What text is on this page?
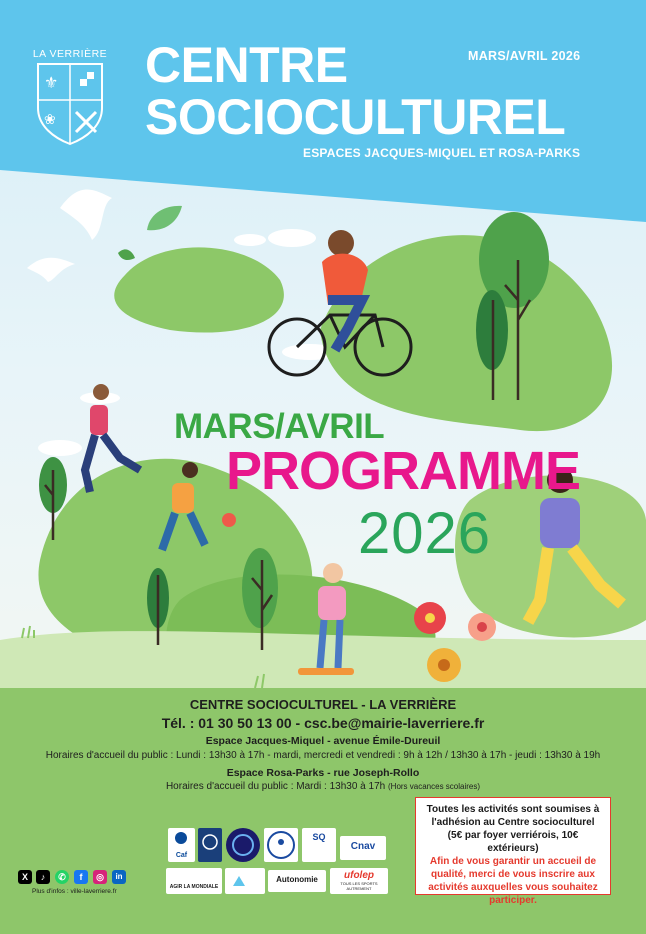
LA VERRIÈRE
⚜
❀
MARS/AVRIL 2026
CENTRE
SOCIOCULTUREL
ESPACES JACQUES-MIQUEL ET ROSA-PARKS
MARS/AVRIL
PROGRAMME
2026
CENTRE SOCIOCULTUREL - LA VERRIÈRE
Tél. : 01 30 50 13 00 - csc.be@mairie-laverriere.fr
Espace Jacques-Miquel - avenue Émile-Dureuil
Horaires d'accueil du public : Lundi : 13h30 à 17h - mardi, mercredi et vendredi : 9h à 12h / 13h30 à 17h - jeudi : 13h30 à 19h
Espace Rosa-Parks - rue Joseph-Rollo
Horaires d'accueil du public : Mardi : 13h30 à 17h (Hors vacances scolaires)
Toutes les activités sont soumises à l'adhésion au Centre socioculturel (5€ par foyer verriérois, 10€ extérieurs)
Afin de vous garantir un accueil de qualité, merci de vous inscrire aux activités auxquelles vous souhaitez participer.
X	♪	✆	f	◎	in
Plus d'infos : ville-laverriere.fr
Caf
SQ
Cnav
AGIR LA MONDIALE
Autonomie	ufolep
TOUS LES SPORTS AUTREMENT
